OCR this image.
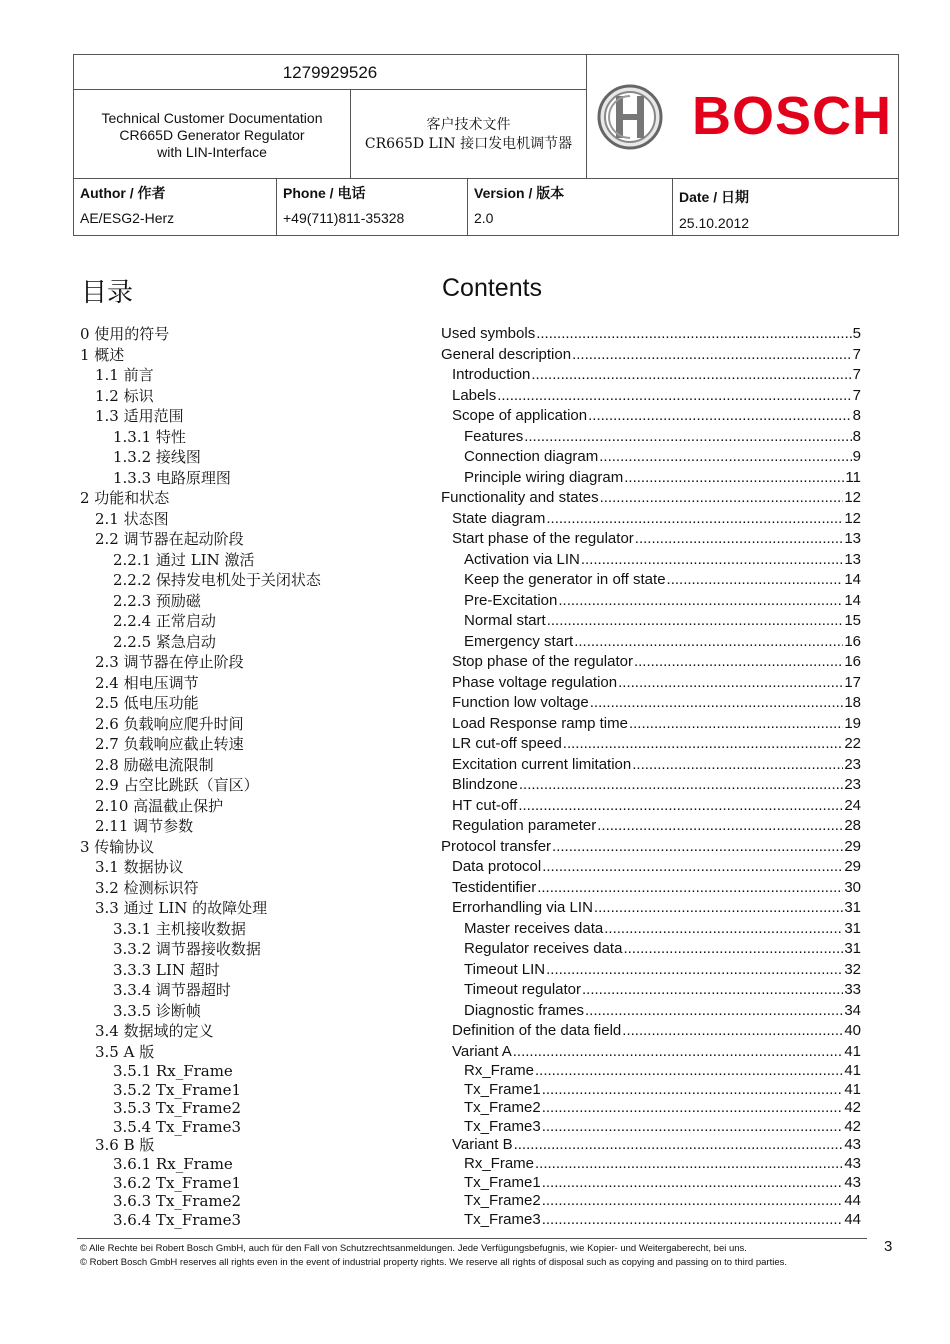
1279929526
Technical Customer Documentation
CR665D Generator Regulator
with LIN-Interface
客户技术文件
CR665D LIN 接口发电机调节器 BOSCH
Author / 作者
AE/ESG2-Herz
Phone / 电话
+49(711)811-35328
Version / 版本
2.0
Date / 日期
25.10.2012
目录	Contents
0 使用的符号
1 概述
1.1 前言
1.2 标识
1.3 适用范围
1.3.1 特性
1.3.2 接线图
1.3.3 电路原理图
2 功能和状态
2.1 状态图
2.2 调节器在起动阶段
2.2.1 通过 LIN 激活
2.2.2 保持发电机处于关闭状态
2.2.3 预励磁
2.2.4 正常启动
2.2.5 紧急启动
2.3 调节器在停止阶段
2.4 相电压调节
2.5 低电压功能
2.6 负载响应爬升时间
2.7 负载响应截止转速
2.8 励磁电流限制
2.9 占空比跳跃（盲区）
2.10 高温截止保护
2.11 调节参数
3 传输协议
3.1 数据协议
3.2 检测标识符
3.3 通过 LIN 的故障处理
3.3.1 主机接收数据
3.3.2 调节器接收数据
3.3.3 LIN 超时
3.3.4 调节器超时
3.3.5 诊断帧
3.4 数据域的定义
3.5 A 版
3.5.1 Rx_Frame
3.5.2 Tx_Frame1
3.5.3 Tx_Frame2
3.5.4 Tx_Frame3
3.6 B 版
3.6.1 Rx_Frame
3.6.2 Tx_Frame1
3.6.3 Tx_Frame2
3.6.4 Tx_Frame3
Used symbols .....	5
General description .....	7
Introduction .....	7
Labels .....	7
Scope of application .....	8
Features .....	8
Connection diagram .....	9
Principle wiring diagram .....	11
Functionality and states .....	12
State diagram .....	12
Start phase of the regulator .....	13
Activation via LIN .....	13
Keep the generator in off state .....	14
Pre-Excitation .....	14
Normal start .....	15
Emergency start .....	16
Stop phase of the regulator .....	16
Phase voltage regulation .....	17
Function low voltage .....	18
Load Response ramp time .....	19
LR cut-off speed .....	22
Excitation current limitation .....	23
Blindzone .....	23
HT cut-off .....	24
Regulation parameter .....	28
Protocol transfer .....	29
Data protocol .....	29
Testidentifier .....	30
Errorhandling via LIN .....	31
Master receives data .....	31
Regulator receives data .....	31
Timeout LIN .....	32
Timeout regulator .....	33
Diagnostic frames .....	34
Definition of the data field .....	40
Variant A .....	41
Rx_Frame .....	41
Tx_Frame1 .....	41
Tx_Frame2 .....	42
Tx_Frame3 .....	42
Variant B .....	43
Rx_Frame .....	43
Tx_Frame1 .....	43
Tx_Frame2 .....	44
Tx_Frame3 .....	44
© Alle Rechte bei Robert Bosch GmbH, auch für den Fall von Schutzrechtsanmeldungen. Jede Verfügungsbefugnis, wie Kopier- und Weitergaberecht, bei uns.
© Robert Bosch GmbH reserves all rights even in the event of industrial property rights. We reserve all rights of disposal such as copying and passing on to third parties.
3
